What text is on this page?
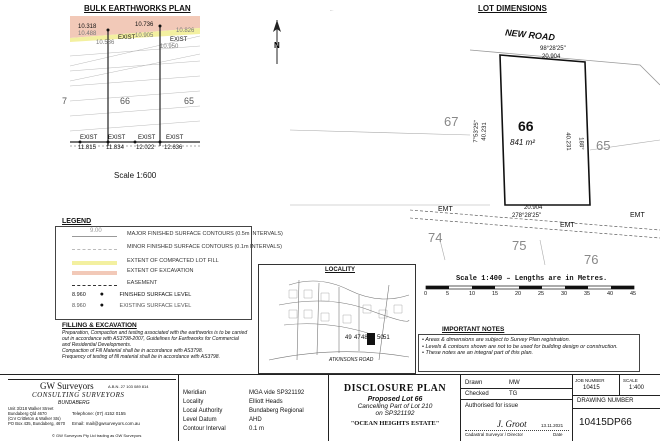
BULK EARTHWORKS PLAN
10.318
10.488
10.536
10.736
10.905
10.826
10.950
EXIST	EXIST
7	66	65
EXIST EXIST EXIST EXIST
11.815 11.834 12.022 12.636
Scale 1:600
LEGEND
9.00	MAJOR FINISHED SURFACE CONTOURS (0.5m INTERVALS)
MINOR FINISHED SURFACE CONTOURS (0.1m INTERVALS)
EXTENT OF COMPACTED LOT FILL
EXTENT OF EXCAVATION
EASEMENT
8.960 ●	FINISHED SURFACE LEVEL
8.960 ●	EXISTING SURFACE LEVEL
FILLING & EXCAVATION
Preparation, Compaction and testing associated with the earthworks is to be carried
out in accordance with AS3798-2007, Guidelines for Earthworks for Commercial
and Residential Developments.
Compaction of Fill Material shall be in accordance with AS3798.
Frequency of testing of fill material shall be in accordance with AS3798.
N
LOT DIMENSIONS
NEW ROAD
98°28'25"
20.904
66
841 m²
67
65
7°53'25" 40.231
40.231 188°
20.904
278°28'25"
EMT
EMT
EMT
74
75
76
Scale 1:400 – Lengths are in Metres.
0	5	10	15	20	25	30	35	40	45
LOCALITY
47 48
49	50 51
66
ATKINSONS ROAD
IMPORTANT NOTES
• Areas & dimensions are subject to Survey Plan registration.
• Levels & contours shown are not to be used for building design or construction.
• These notes are an integral part of this plan.
GW Surveyors	A.B.N. 27 103 089 814
CONSULTING SURVEYORS
BUNDABERG
Unit 3/218 Walker Street
Bundaberg Qld 4670
(Cnr Crittleton & Walker Sts)
PO Box 435, Bundaberg, 4670
Telephone: (07) 4152 0155
Email: mail@gwsurveyors.com.au
© GW Surveyors Pty Ltd trading as GW Surveyors
Meridian	MGA vide SP321192
Locality	Elliott Heads
Local Authority	Bundaberg Regional
Level Datum	AHD
Contour Interval	0.1 m
DISCLOSURE PLAN
Proposed Lot 66
Cancelling Part of Lot 210
on SP321192
"OCEAN HEIGHTS ESTATE"
Drawn	MW
Checked	TG
Authorised for issue
J. Groot	13.11.2021
Cadastral Surveyor / Director	Date
JOB NUMBER
10415
SCALE
1:400
DRAWING NUMBER
10415DP66
